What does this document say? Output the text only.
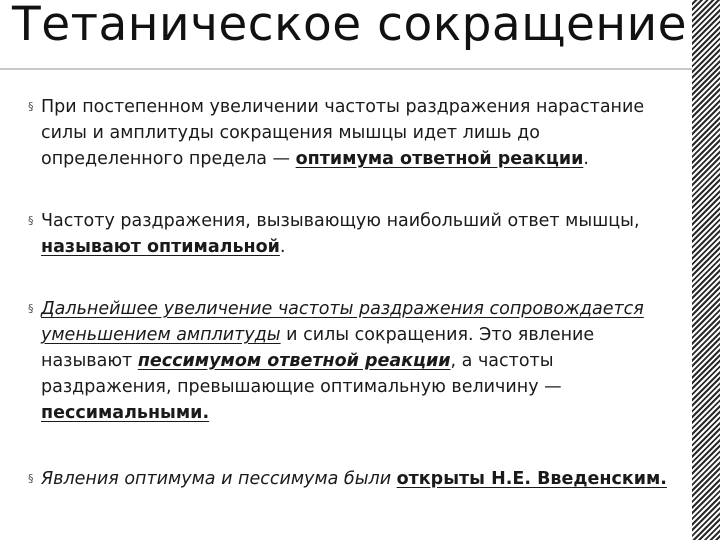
Тетаническое сокращение
§ При постепенном увеличении частоты раздражения нарастание силы и амплитуды сокращения мышцы идет лишь до определенного предела — оптимума ответной реакции.
§ Частоту раздражения, вызывающую наибольший ответ мышцы, называют оптимальной.
§ Дальнейшее увеличение частоты раздражения сопровождается уменьшением амплитуды и силы сокращения. Это явление называют пессимумом ответной реакции, а частоты раздражения, превышающие оптимальную величину — пессимальными.
§ Явления оптимума и пессимума были открыты Н.Е. Введенским.
